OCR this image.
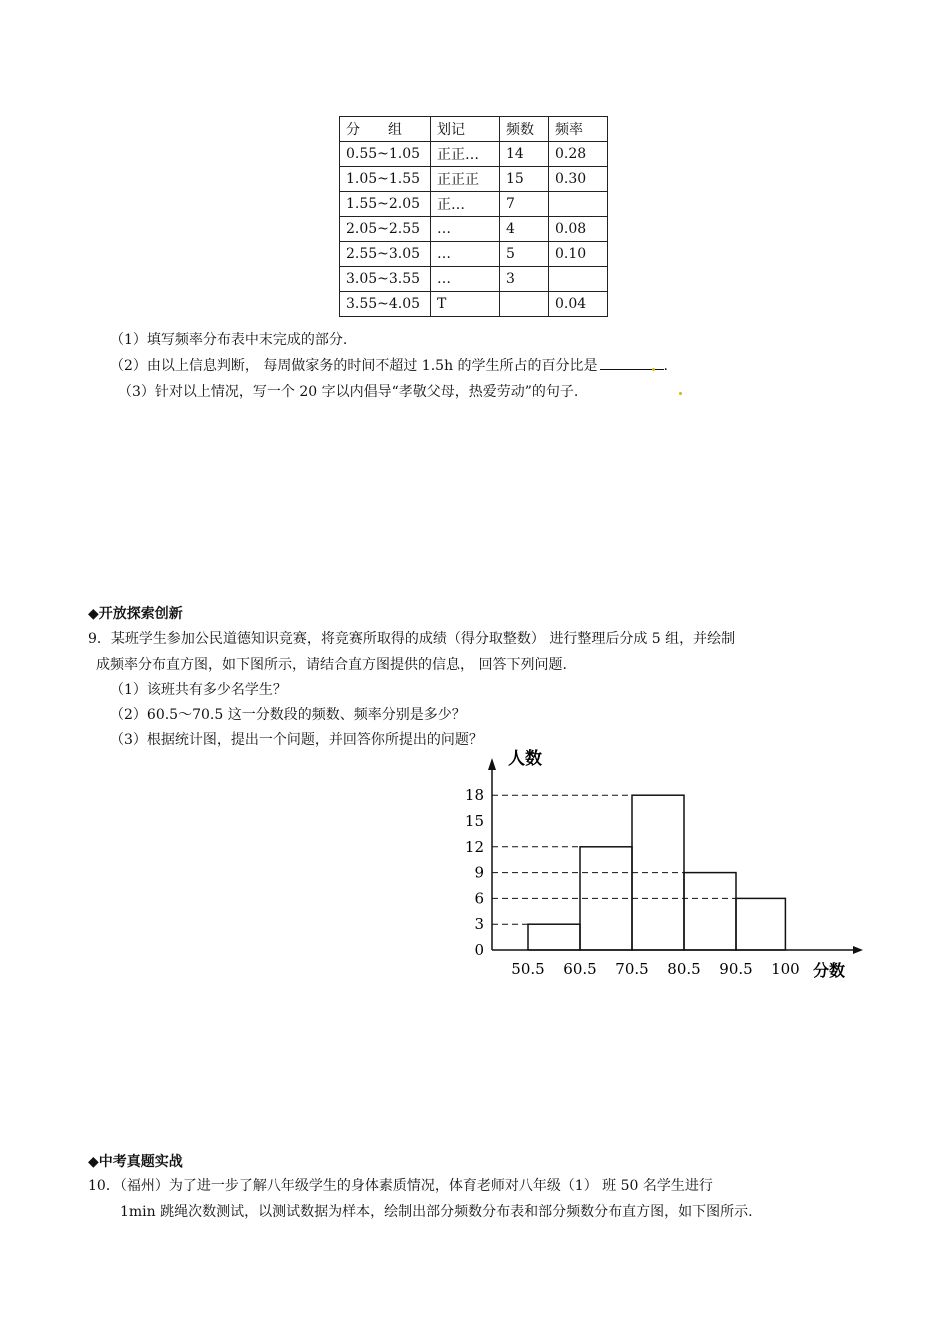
分　　组	划记	频数	频率
0.55~1.05	正正…	14	0.28
1.05~1.55	正正正	15	0.30
1.55~2.05	正…	7	
2.05~2.55	…	4	0.08
2.55~3.05	…	5	0.10
3.05~3.55	…	3	
3.55~4.05	T		0.04
（1）填写频率分布表中末完成的部分.
（2）由以上信息判断， 每周做家务的时间不超过 1.5h 的学生所占的百分比是	.
（3）针对以上情况，写一个 20 字以内倡导“孝敬父母，热爱劳动”的句子.
◆开放探索创新
9．某班学生参加公民道德知识竞赛，将竞赛所取得的成绩（得分取整数） 进行整理后分成 5 组，并绘制
成频率分布直方图，如下图所示，请结合直方图提供的信息， 回答下列问题.
（1）该班共有多少名学生？
（2）60.5～70.5 这一分数段的频数、频率分别是多少？
（3）根据统计图，提出一个问题，并回答你所提出的问题？
0
3
6
9
12
15
18
50.5 60.5 70.5 80.5 90.5 100
人数
分数
◆中考真题实战
10．（福州）为了进一步了解八年级学生的身体素质情况，体育老师对八年级（1） 班 50 名学生进行
1min 跳绳次数测试，以测试数据为样本，绘制出部分频数分布表和部分频数分布直方图，如下图所示.
